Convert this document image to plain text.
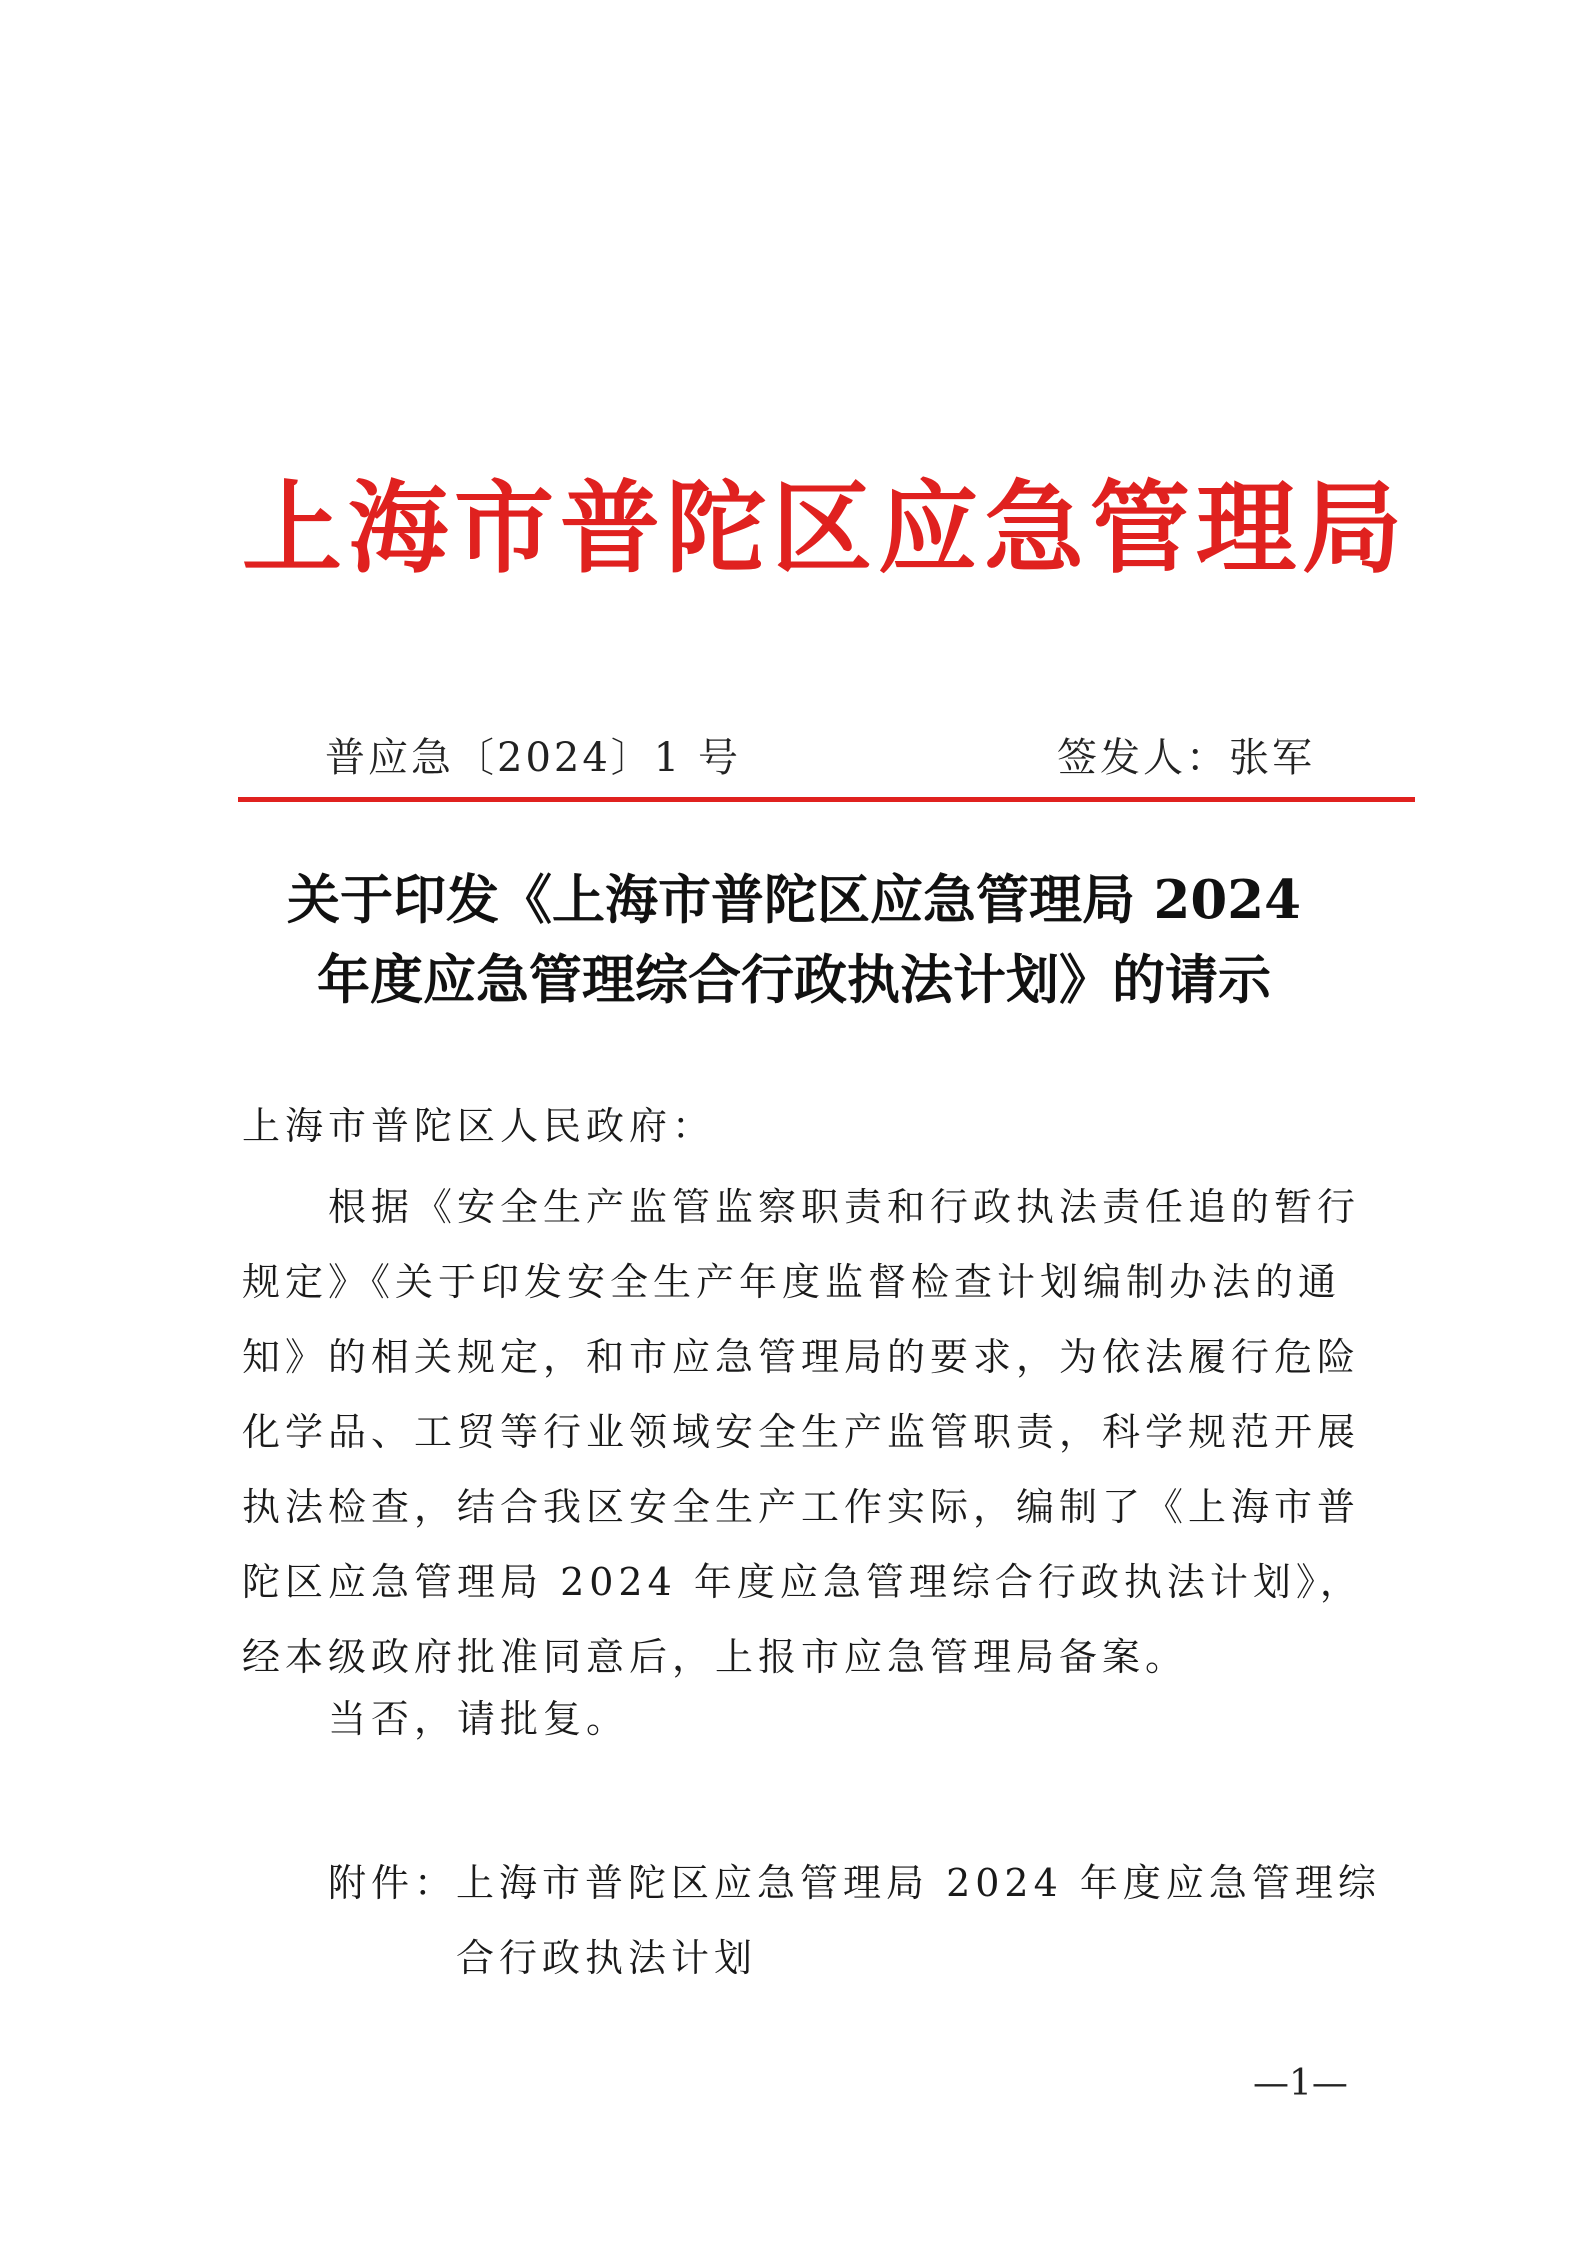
上海市普陀区应急管理局
普应急〔2024〕1 号	签发人：张军
关于印发《上海市普陀区应急管理局 2024
年度应急管理综合行政执法计划》的请示
上海市普陀区人民政府：
根据《安全生产监管监察职责和行政执法责任追的暂行
规定》《关于印发安全生产年度监督检查计划编制办法的通
知》的相关规定，和市应急管理局的要求，为依法履行危险
化学品、工贸等行业领域安全生产监管职责，科学规范开展
执法检查，结合我区安全生产工作实际，编制了《上海市普
陀区应急管理局 2024 年度应急管理综合行政执法计划》，
经本级政府批准同意后，上报市应急管理局备案。
当否，请批复。
附件：上海市普陀区应急管理局 2024 年度应急管理综
合行政执法计划
—1—
